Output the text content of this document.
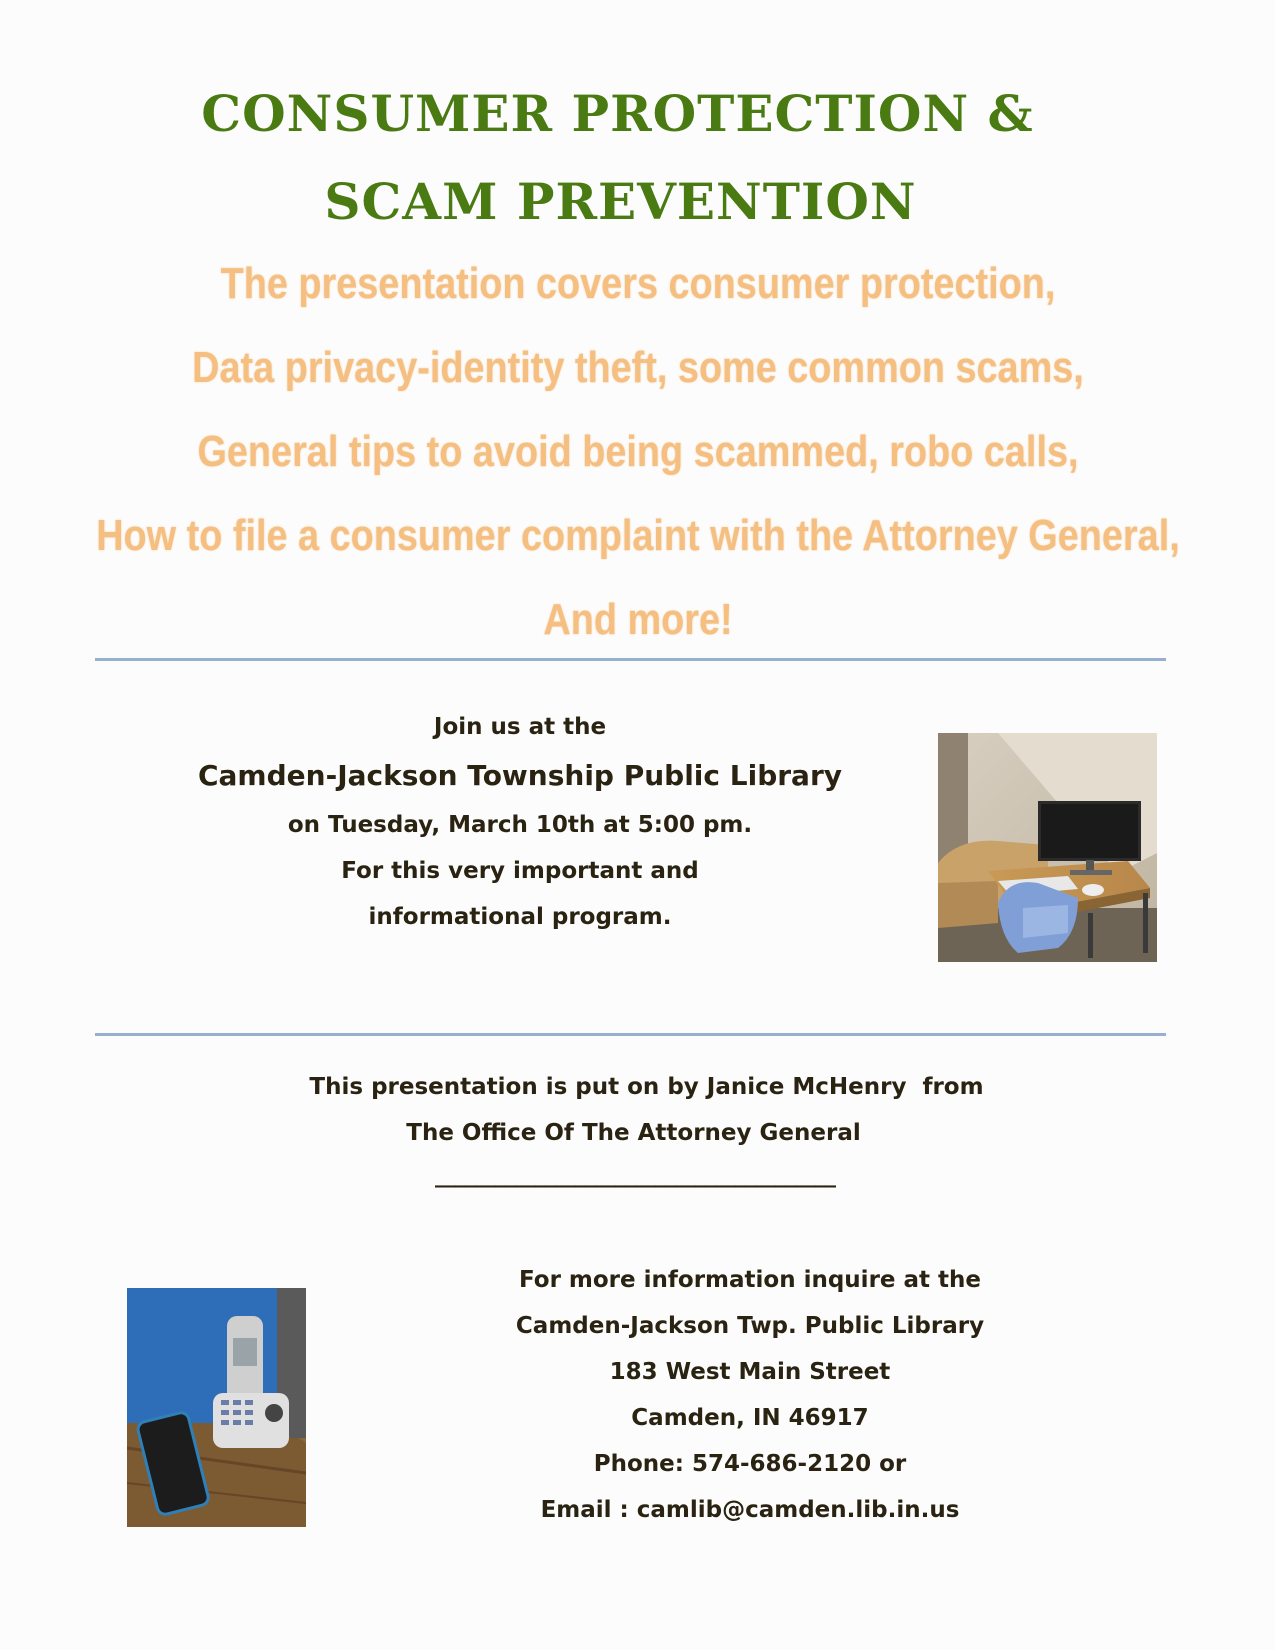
CONSUMER PROTECTION &
SCAM PREVENTION
The presentation covers consumer protection,
Data privacy-identity theft, some common scams,
General tips to avoid being scammed, robo calls,
How to file a consumer complaint with the Attorney General,
And more!
Join us at the
Camden-Jackson Township Public Library
on Tuesday, March 10th at 5:00 pm.
For this very important and
informational program.
This presentation is put on by Janice McHenry  from
The Office Of The Attorney General
________________________________________
For more information inquire at the
Camden-Jackson Twp. Public Library
183 West Main Street
Camden, IN 46917
Phone: 574-686-2120 or
Email : camlib@camden.lib.in.us
